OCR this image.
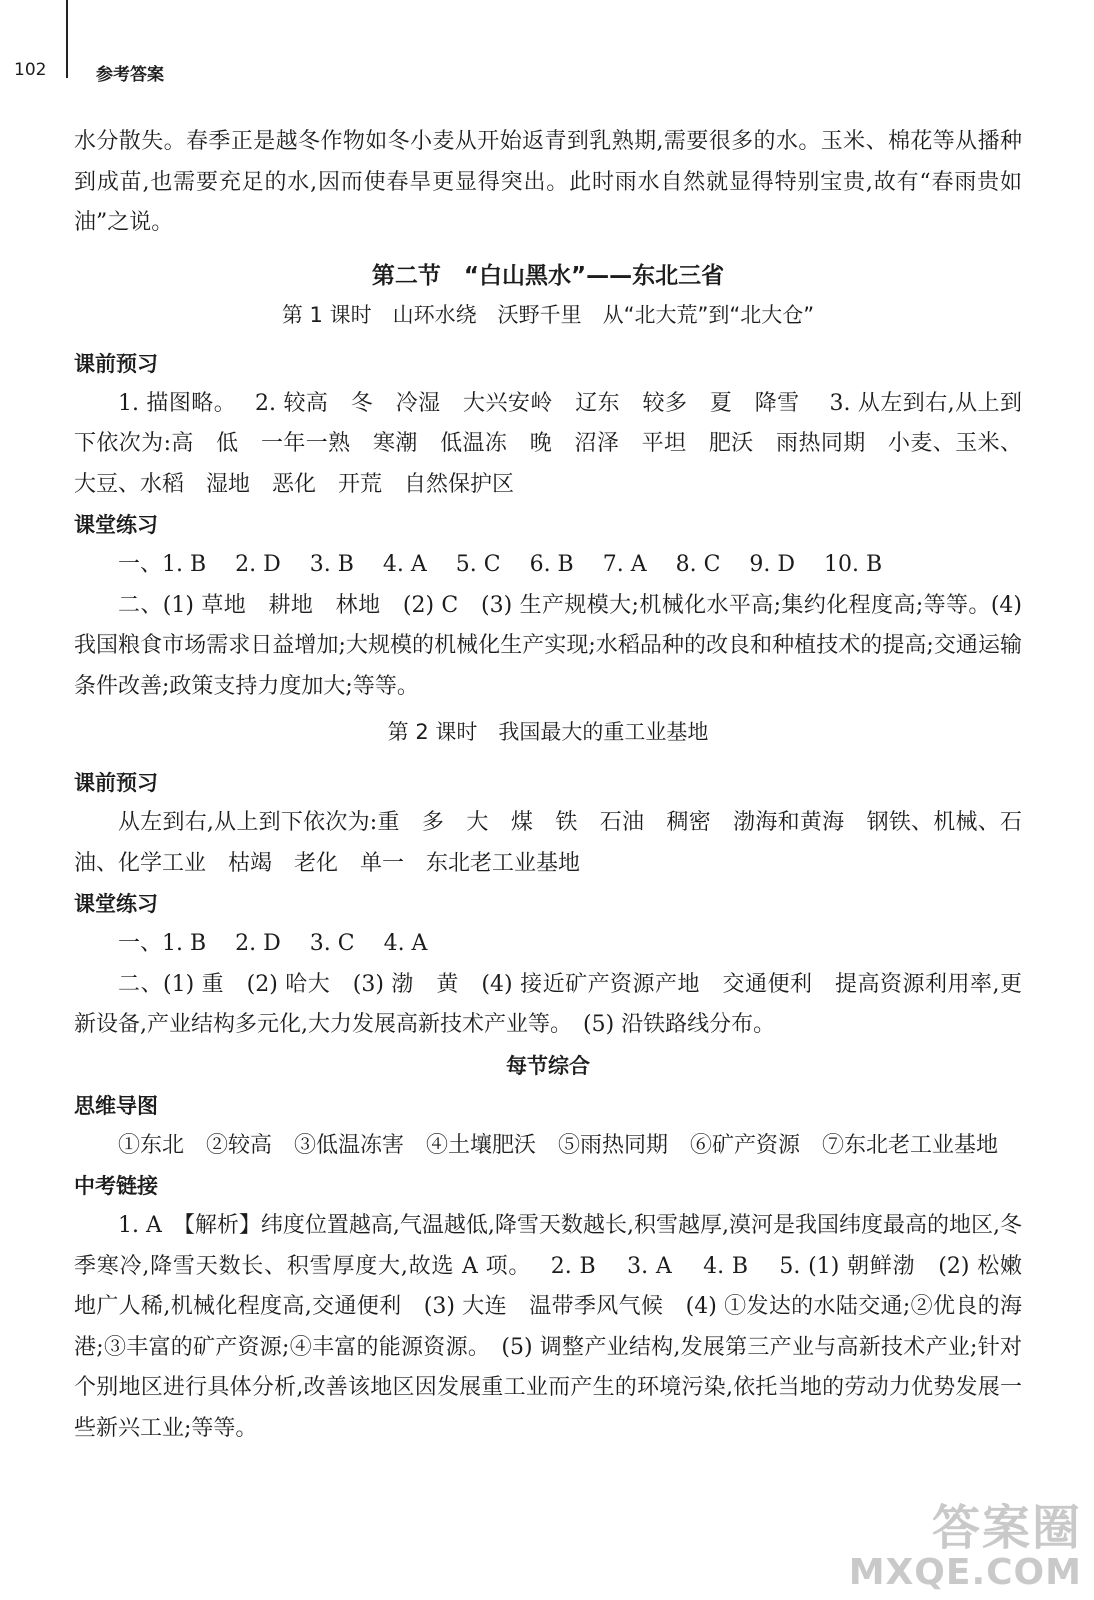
102	参考答案

水分散失。春季正是越冬作物如冬小麦从开始返青到乳熟期,需要很多的水。玉米、棉花等从播种到成苗,也需要充足的水,因而使春旱更显得突出。此时雨水自然就显得特别宝贵,故有“春雨贵如油”之说。

第二节　“白山黑水”——东北三省
第 1 课时　山环水绕　沃野千里　从“北大荒”到“北大仓”
课前预习

1. 描图略。　 2. 较高　冬　冷湿　大兴安岭　辽东　较多　夏　降雪　 3. 从左到右,从上到下依次为:高　低　一年一熟　寒潮　低温冻　晚　沼泽　平坦　肥沃　雨热同期　小麦、玉米、大豆、水稻　湿地　恶化　开荒　自然保护区

课堂练习

一、1. B　 2. D　 3. B　 4. A　 5. C　 6. B　 7. A　 8. C　 9. D　 10. B

二、(1) 草地　耕地　林地　(2) C　(3) 生产规模大;机械化水平高;集约化程度高;等等。(4) 我国粮食市场需求日益增加;大规模的机械化生产实现;水稻品种的改良和种植技术的提高;交通运输条件改善;政策支持力度加大;等等。

第 2 课时　我国最大的重工业基地
课前预习

从左到右,从上到下依次为:重　多　大　煤　铁　石油　稠密　渤海和黄海　钢铁、机械、石油、化学工业　枯竭　老化　单一　东北老工业基地

课堂练习

一、1. B　 2. D　 3. C　 4. A

二、(1) 重　(2) 哈大　(3) 渤　黄　(4) 接近矿产资源产地　交通便利　提高资源利用率,更新设备,产业结构多元化,大力发展高新技术产业等。　(5) 沿铁路线分布。

每节综合
思维导图

①东北　②较高　③低温冻害　④土壤肥沃　⑤雨热同期　⑥矿产资源　⑦东北老工业基地

中考链接

1. A　【解析】纬度位置越高,气温越低,降雪天数越长,积雪越厚,漠河是我国纬度最高的地区,冬季寒冷,降雪天数长、积雪厚度大,故选 A 项。　 2. B　 3. A　 4. B　 5. (1) 朝鲜渤　(2) 松嫩　地广人稀,机械化程度高,交通便利　(3) 大连　温带季风气候　(4) ①发达的水陆交通;②优良的海港;③丰富的矿产资源;④丰富的能源资源。　(5) 调整产业结构,发展第三产业与高新技术产业;针对个别地区进行具体分析,改善该地区因发展重工业而产生的环境污染,依托当地的劳动力优势发展一些新兴工业;等等。

答案圈
MXQE.COM
